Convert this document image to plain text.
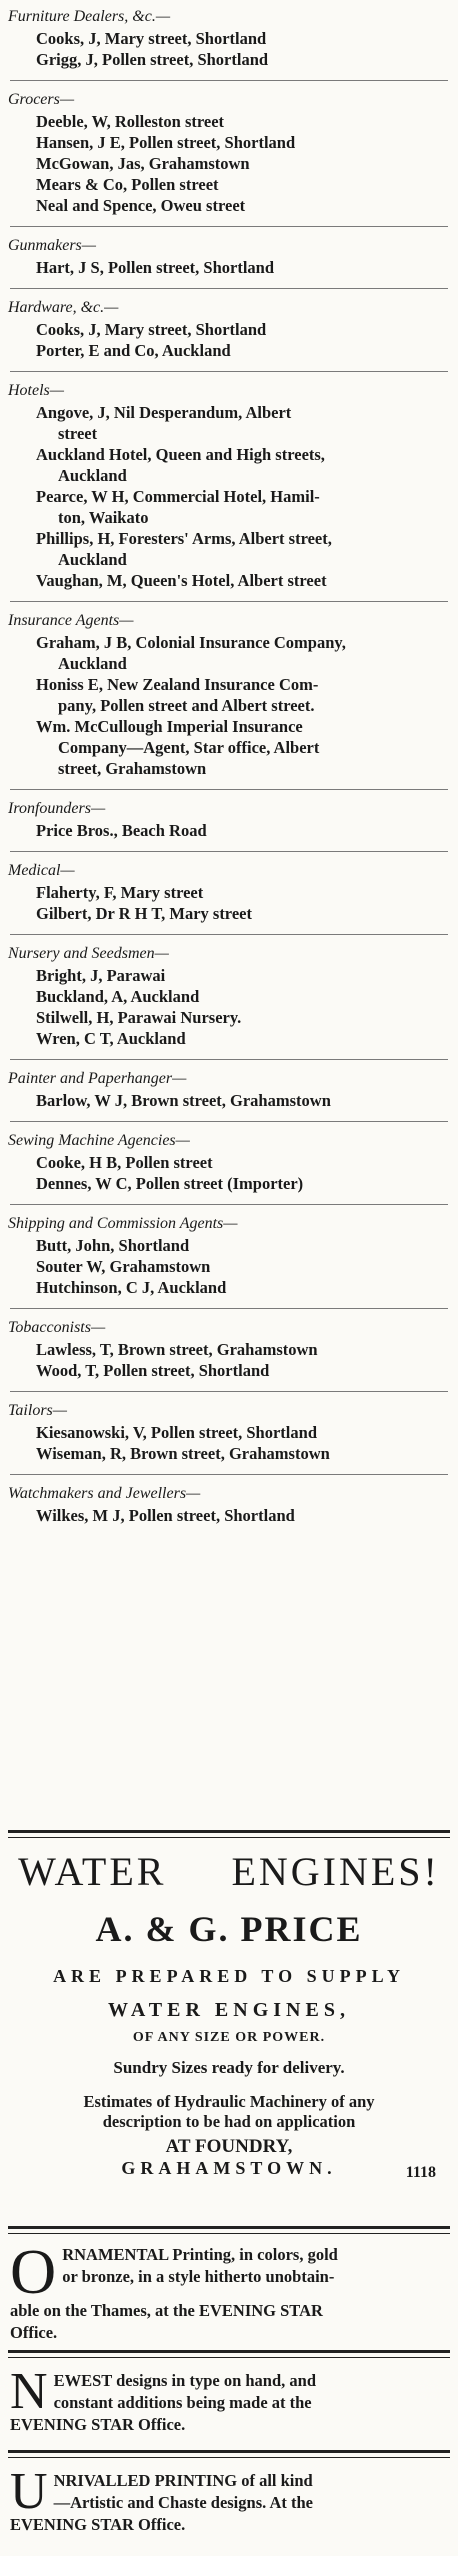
Furniture Dealers, &c.—
Cooks, J, Mary street, Shortland
Grigg, J, Pollen street, Shortland
Grocers—
Deeble, W, Rolleston street
Hansen, J E, Pollen street, Shortland
McGowan, Jas, Grahamstown
Mears & Co, Pollen street
Neal and Spence, Oweu street
Gunmakers—
Hart, J S, Pollen street, Shortland
Hardware, &c.—
Cooks, J, Mary street, Shortland
Porter, E and Co, Auckland
Hotels—
Angove, J, Nil Desperandum, Albert
street
Auckland Hotel, Queen and High streets,
Auckland
Pearce, W H, Commercial Hotel, Hamil-
ton, Waikato
Phillips, H, Foresters' Arms, Albert street,
Auckland
Vaughan, M, Queen's Hotel, Albert street
Insurance Agents—
Graham, J B, Colonial Insurance Company,
Auckland
Honiss E, New Zealand Insurance Com-
pany, Pollen street and Albert street.
Wm. McCullough Imperial Insurance
Company—Agent, Star office, Albert
street, Grahamstown
Ironfounders—
Price Bros., Beach Road
Medical—
Flaherty, F, Mary street
Gilbert, Dr R H T, Mary street
Nursery and Seedsmen—
Bright, J, Parawai
Buckland, A, Auckland
Stilwell, H, Parawai Nursery.
Wren, C T, Auckland
Painter and Paperhanger—
Barlow, W J, Brown street, Grahamstown
Sewing Machine Agencies—
Cooke, H B, Pollen street
Dennes, W C, Pollen street (Importer)
Shipping and Commission Agents—
Butt, John, Shortland
Souter W, Grahamstown
Hutchinson, C J, Auckland
Tobacconists—
Lawless, T, Brown street, Grahamstown
Wood, T, Pollen street, Shortland
Tailors—
Kiesanowski, V, Pollen street, Shortland
Wiseman, R, Brown street, Grahamstown
Watchmakers and Jewellers—
Wilkes, M J, Pollen street, Shortland
WATER ENGINES!
A. & G. PRICE
ARE PREPARED TO SUPPLY
WATER ENGINES,
OF ANY SIZE OR POWER.
Sundry Sizes ready for delivery.
Estimates of Hydraulic Machinery of any
description to be had on application
AT FOUNDRY,
GRAHAMSTOWN.	1118
O RNAMENTAL Printing, in colors, gold
or bronze, in a style hitherto unobtain-
able on the Thames, at the EVENING STAR
Office.
N EWEST designs in type on hand, and
constant additions being made at the
EVENING STAR Office.
U NRIVALLED PRINTING of all kind
—Artistic and Chaste designs. At the
EVENING STAR Office.
